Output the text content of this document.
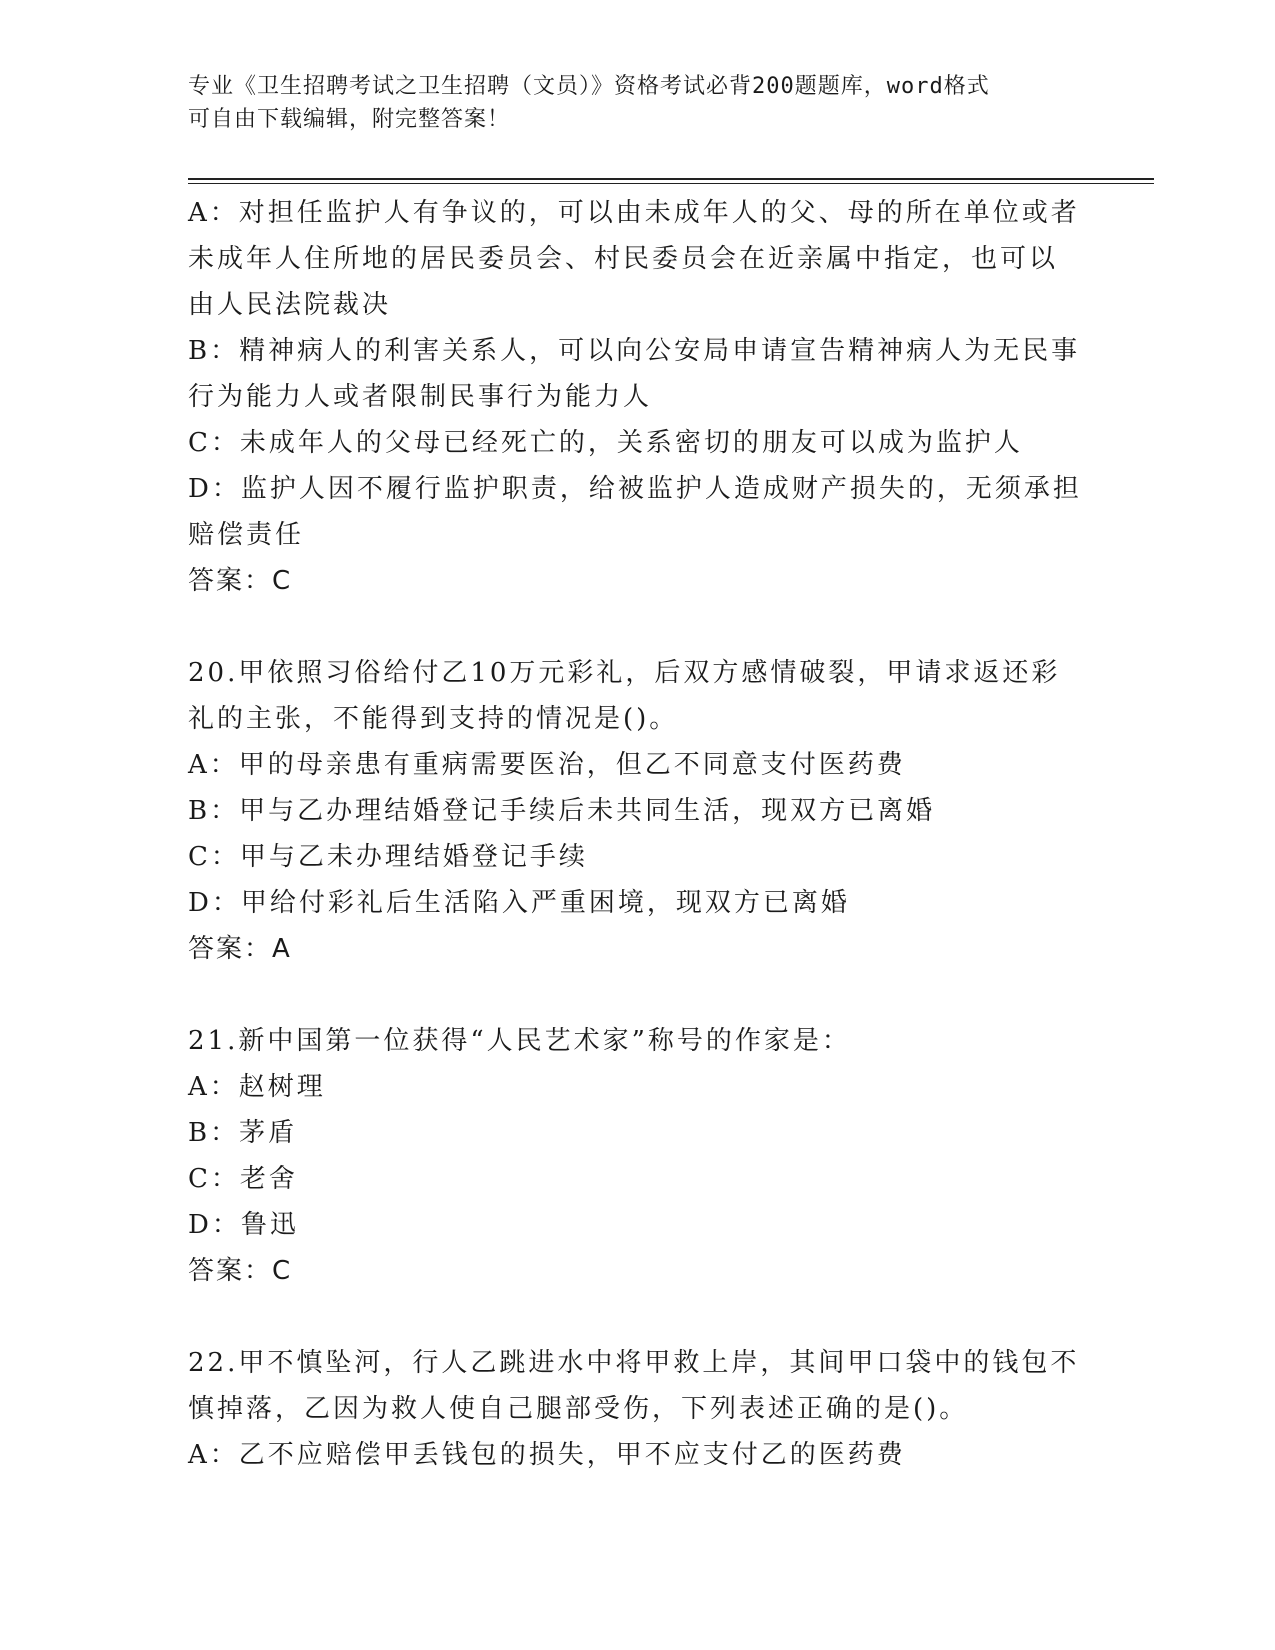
专业《卫生招聘考试之卫生招聘（文员）》资格考试必背200题题库，word格式
可自由下载编辑，附完整答案！
A：对担任监护人有争议的，可以由未成年人的父、母的所在单位或者
未成年人住所地的居民委员会、村民委员会在近亲属中指定，也可以
由人民法院裁决
B：精神病人的利害关系人，可以向公安局申请宣告精神病人为无民事
行为能力人或者限制民事行为能力人
C：未成年人的父母已经死亡的，关系密切的朋友可以成为监护人
D：监护人因不履行监护职责，给被监护人造成财产损失的，无须承担
赔偿责任
答案：C
20.甲依照习俗给付乙10万元彩礼，后双方感情破裂，甲请求返还彩
礼的主张，不能得到支持的情况是()。
A：甲的母亲患有重病需要医治，但乙不同意支付医药费
B：甲与乙办理结婚登记手续后未共同生活，现双方已离婚
C：甲与乙未办理结婚登记手续
D：甲给付彩礼后生活陷入严重困境，现双方已离婚
答案：A
21.新中国第一位获得“人民艺术家”称号的作家是：
A：赵树理
B：茅盾
C：老舍
D：鲁迅
答案：C
22.甲不慎坠河，行人乙跳进水中将甲救上岸，其间甲口袋中的钱包不
慎掉落，乙因为救人使自己腿部受伤，下列表述正确的是()。
A：乙不应赔偿甲丢钱包的损失，甲不应支付乙的医药费
